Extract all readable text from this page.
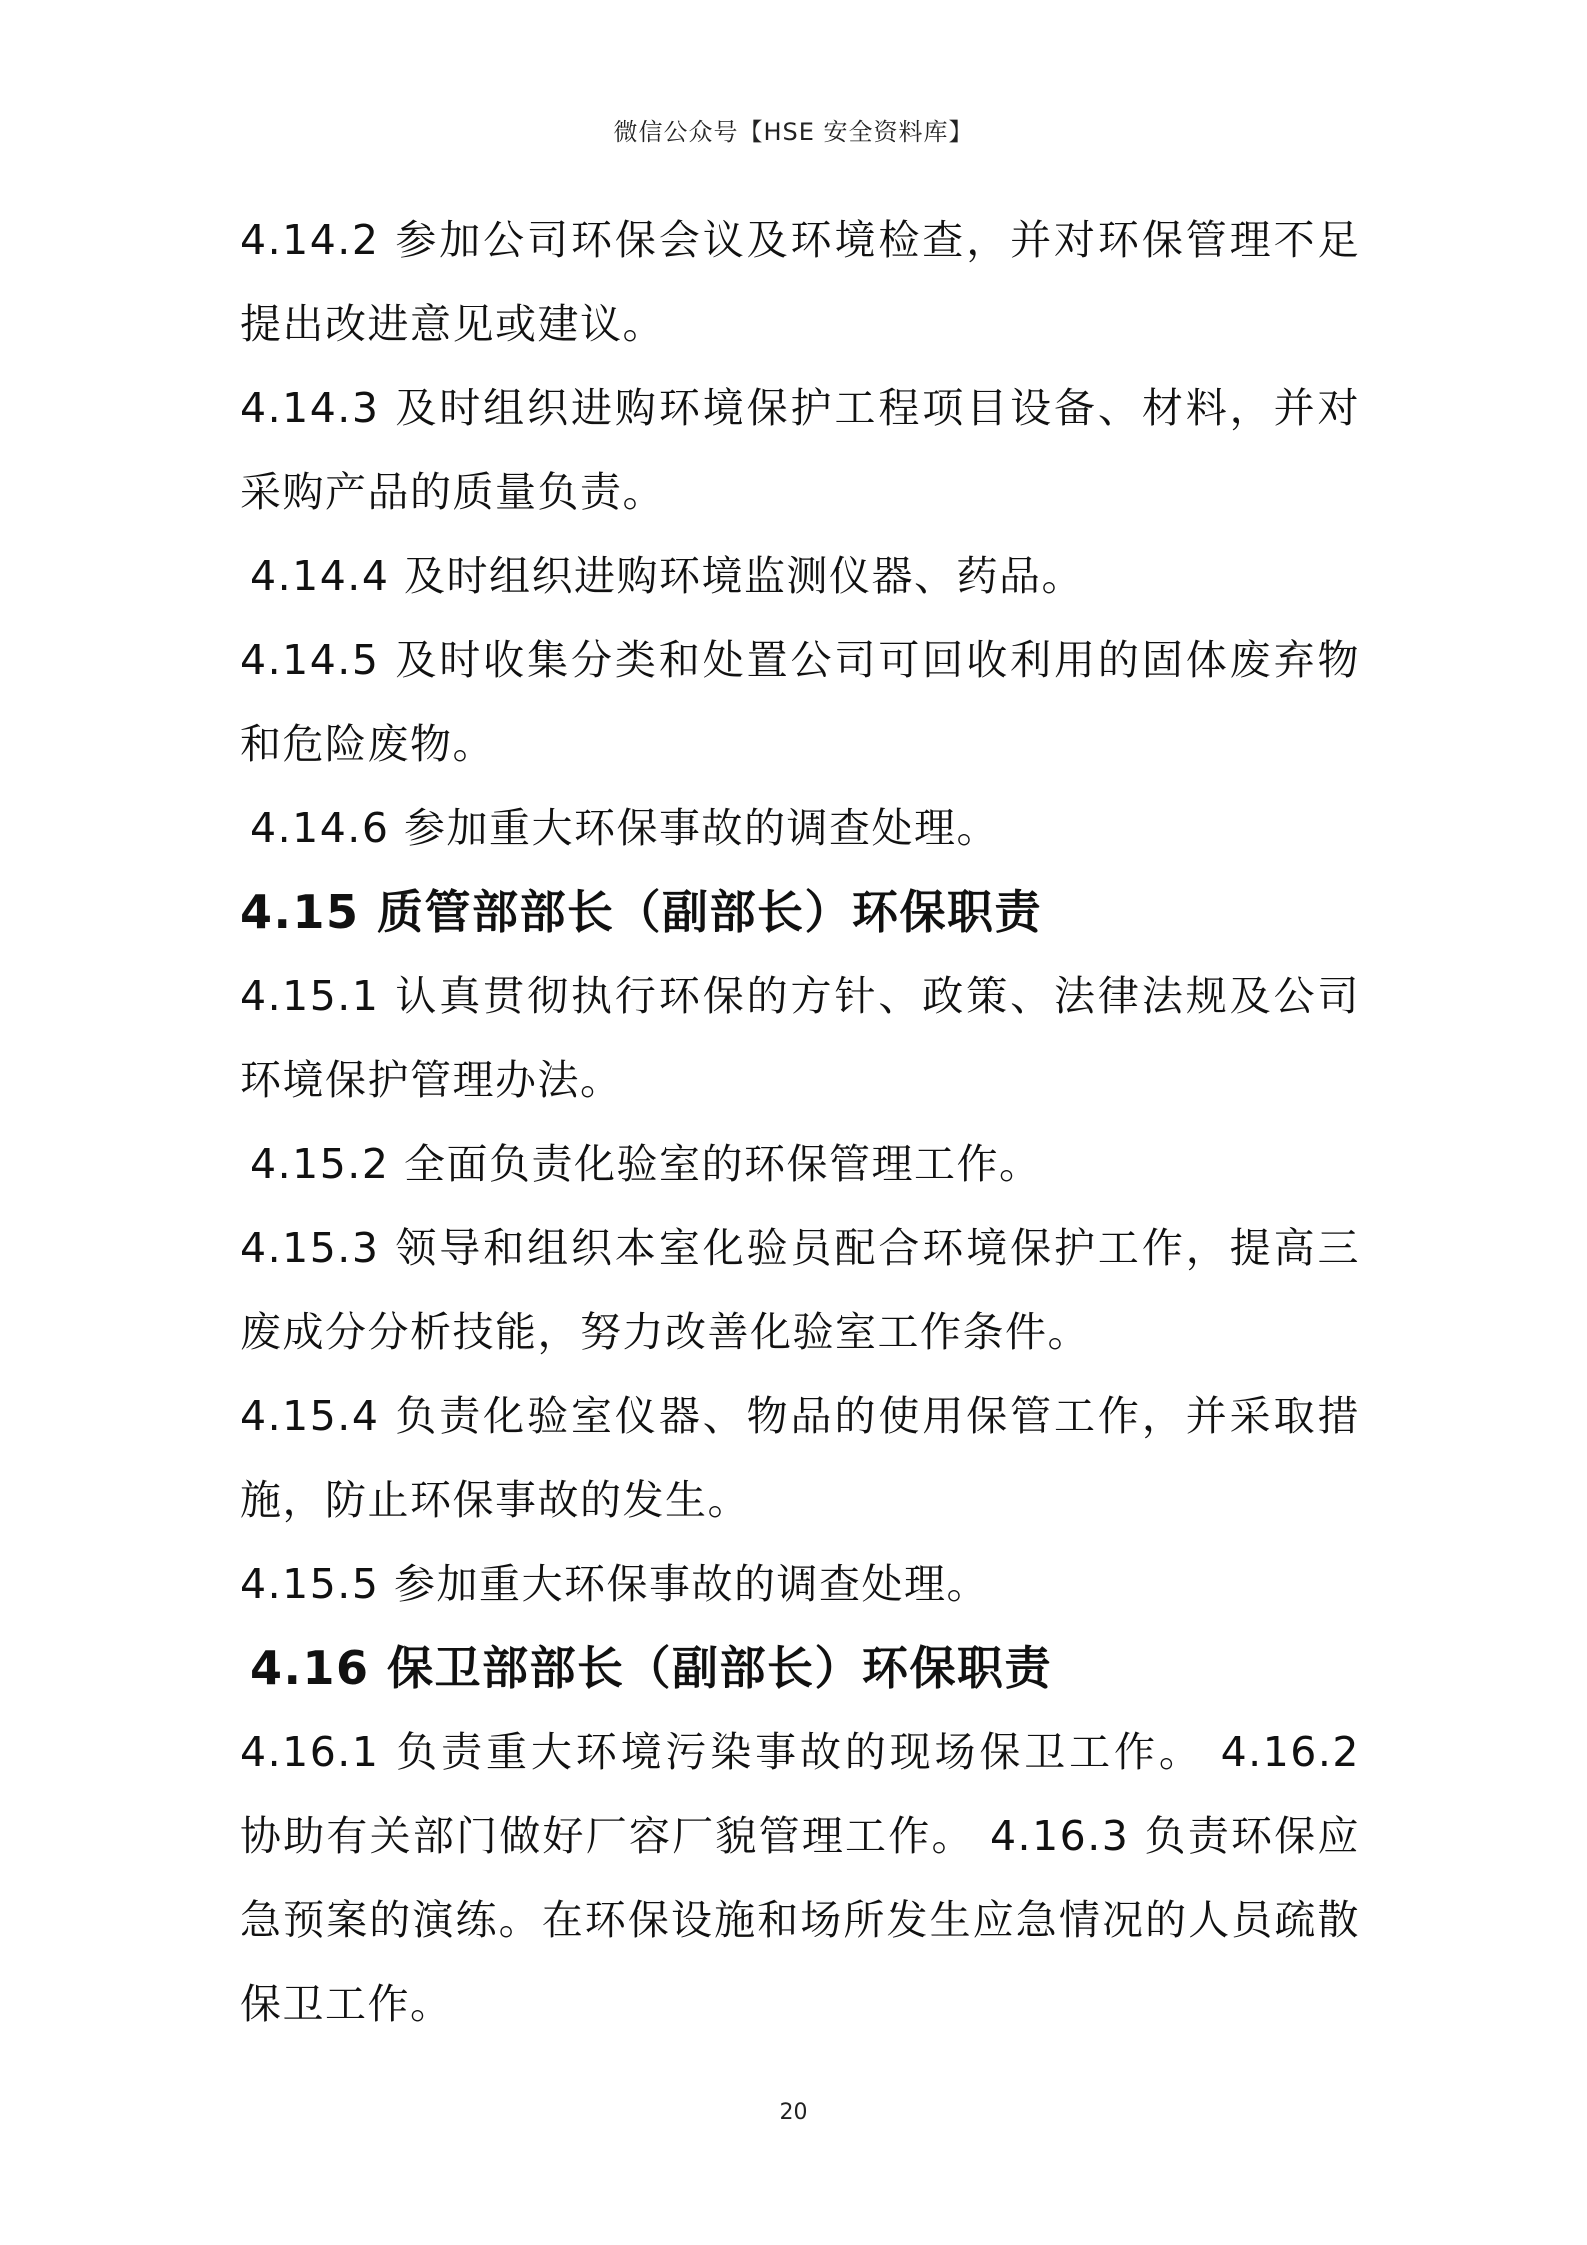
微信公众号【HSE 安全资料库】

4.14.2 参加公司环保会议及环境检查，并对环保管理不足提出改进意见或建议。

4.14.3 及时组织进购环境保护工程项目设备、材料，并对采购产品的质量负责。

4.14.4 及时组织进购环境监测仪器、药品。

4.14.5 及时收集分类和处置公司可回收利用的固体废弃物和危险废物。

4.14.6 参加重大环保事故的调查处理。

4.15 质管部部长（副部长）环保职责

4.15.1 认真贯彻执行环保的方针、政策、法律法规及公司环境保护管理办法。

4.15.2 全面负责化验室的环保管理工作。

4.15.3 领导和组织本室化验员配合环境保护工作，提高三废成分分析技能，努力改善化验室工作条件。

4.15.4 负责化验室仪器、物品的使用保管工作，并采取措施，防止环保事故的发生。

4.15.5 参加重大环保事故的调查处理。

4.16 保卫部部长（副部长）环保职责

4.16.1 负责重大环境污染事故的现场保卫工作。 4.16.2 协助有关部门做好厂容厂貌管理工作。 4.16.3 负责环保应急预案的演练。在环保设施和场所发生应急情况的人员疏散保卫工作。

20
